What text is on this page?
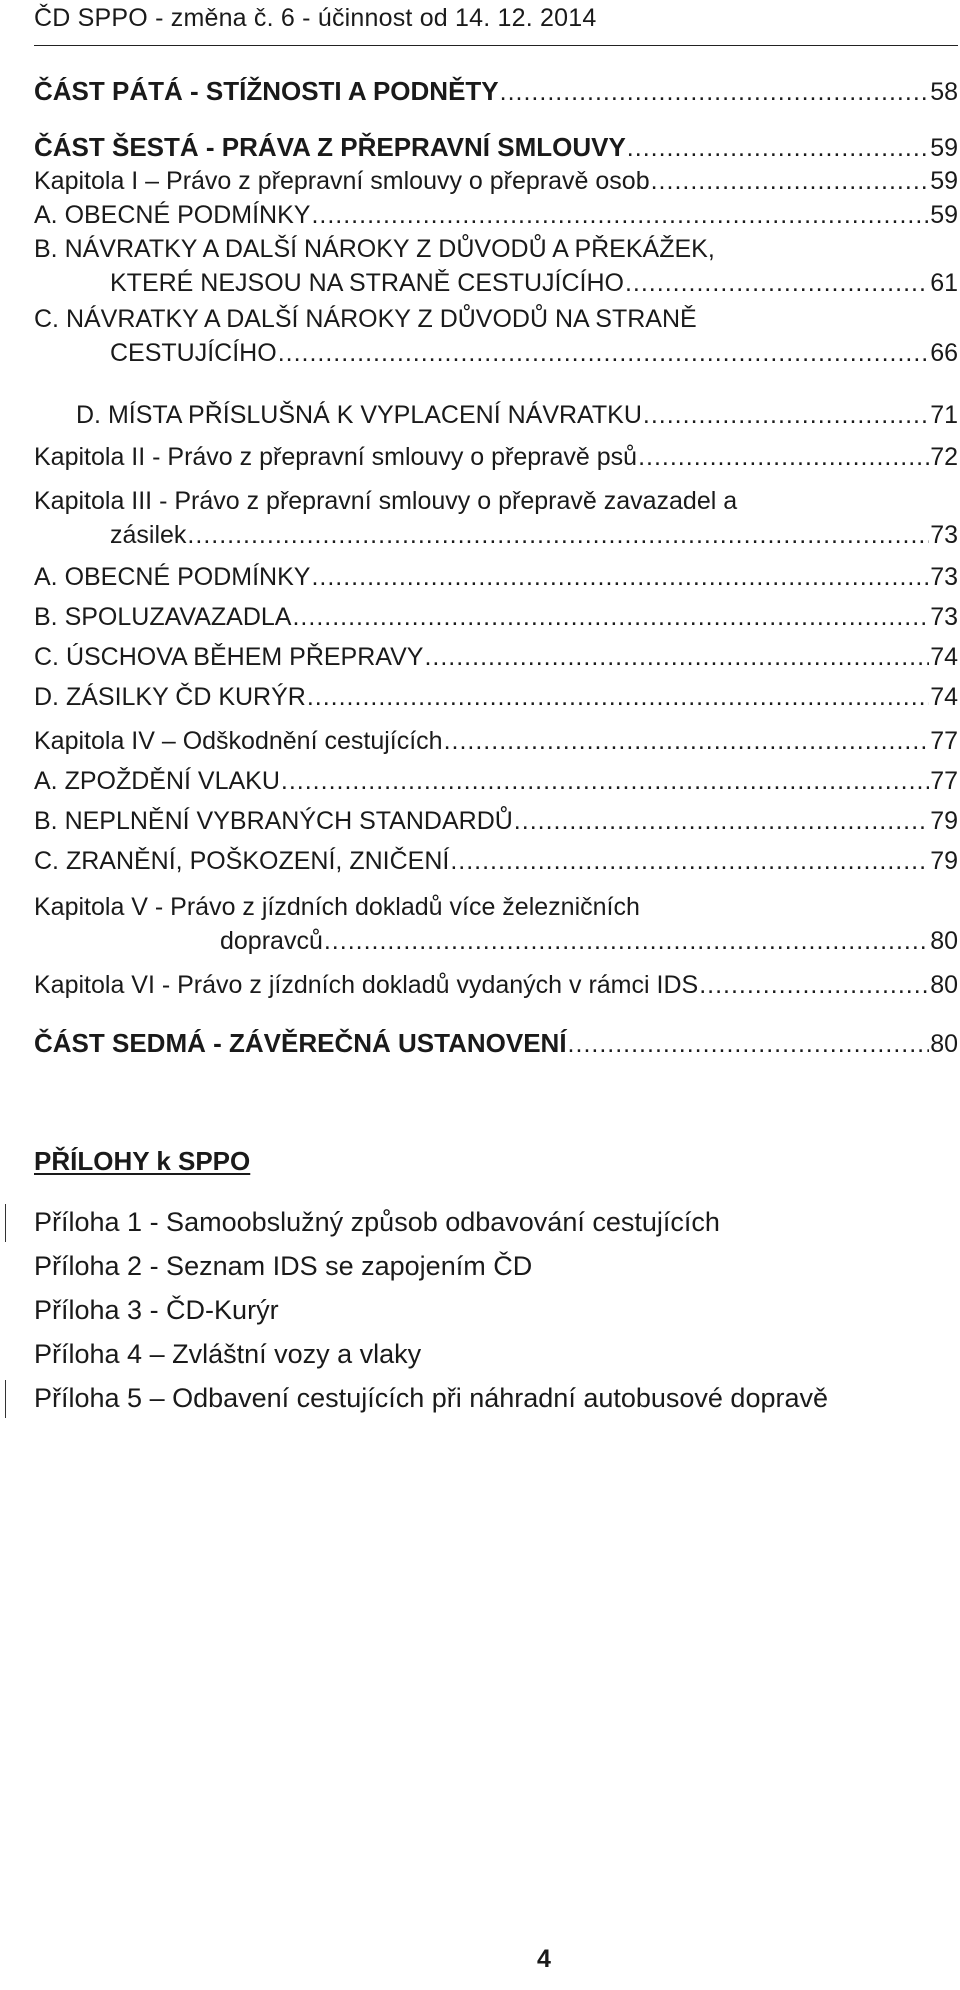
ČD SPPO - změna č. 6 - účinnost od 14. 12. 2014
ČÁST PÁTÁ - STÍŽNOSTI A PODNĚTY .....	58
ČÁST ŠESTÁ - PRÁVA Z PŘEPRAVNÍ SMLOUVY .....	59
Kapitola I – Právo z přepravní smlouvy o přepravě osob .....	59
A. OBECNÉ PODMÍNKY .....	59
B. NÁVRATKY A DALŠÍ NÁROKY Z DŮVODŮ A PŘEKÁŽEK,
KTERÉ NEJSOU NA STRANĚ CESTUJÍCÍHO .....	61
C. NÁVRATKY A DALŠÍ NÁROKY Z DŮVODŮ NA STRANĚ
CESTUJÍCÍHO .....	66
D. MÍSTA PŘÍSLUŠNÁ K VYPLACENÍ NÁVRATKU .....	71
Kapitola II - Právo z přepravní smlouvy o přepravě psů .....	72
Kapitola III - Právo z přepravní smlouvy o přepravě zavazadel a
zásilek .....	73
A. OBECNÉ PODMÍNKY .....	73
B. SPOLUZAVAZADLA .....	73
C. ÚSCHOVA BĚHEM PŘEPRAVY .....	74
D. ZÁSILKY ČD KURÝR .....	74
Kapitola IV – Odškodnění cestujících .....	77
A. ZPOŽDĚNÍ VLAKU .....	77
B. NEPLNĚNÍ VYBRANÝCH STANDARDŮ .....	79
C. ZRANĚNÍ, POŠKOZENÍ, ZNIČENÍ .....	79
Kapitola V - Právo z jízdních dokladů více železničních
dopravců .....	80
Kapitola VI - Právo z jízdních dokladů vydaných v rámci IDS .....	80
ČÁST SEDMÁ - ZÁVĚREČNÁ USTANOVENÍ .....	80
PŘÍLOHY k SPPO
Příloha 1 - Samoobslužný způsob odbavování cestujících
Příloha 2 - Seznam IDS se zapojením ČD
Příloha 3 - ČD-Kurýr
Příloha 4 – Zvláštní vozy a vlaky
Příloha 5 – Odbavení cestujících při náhradní autobusové dopravě
4
